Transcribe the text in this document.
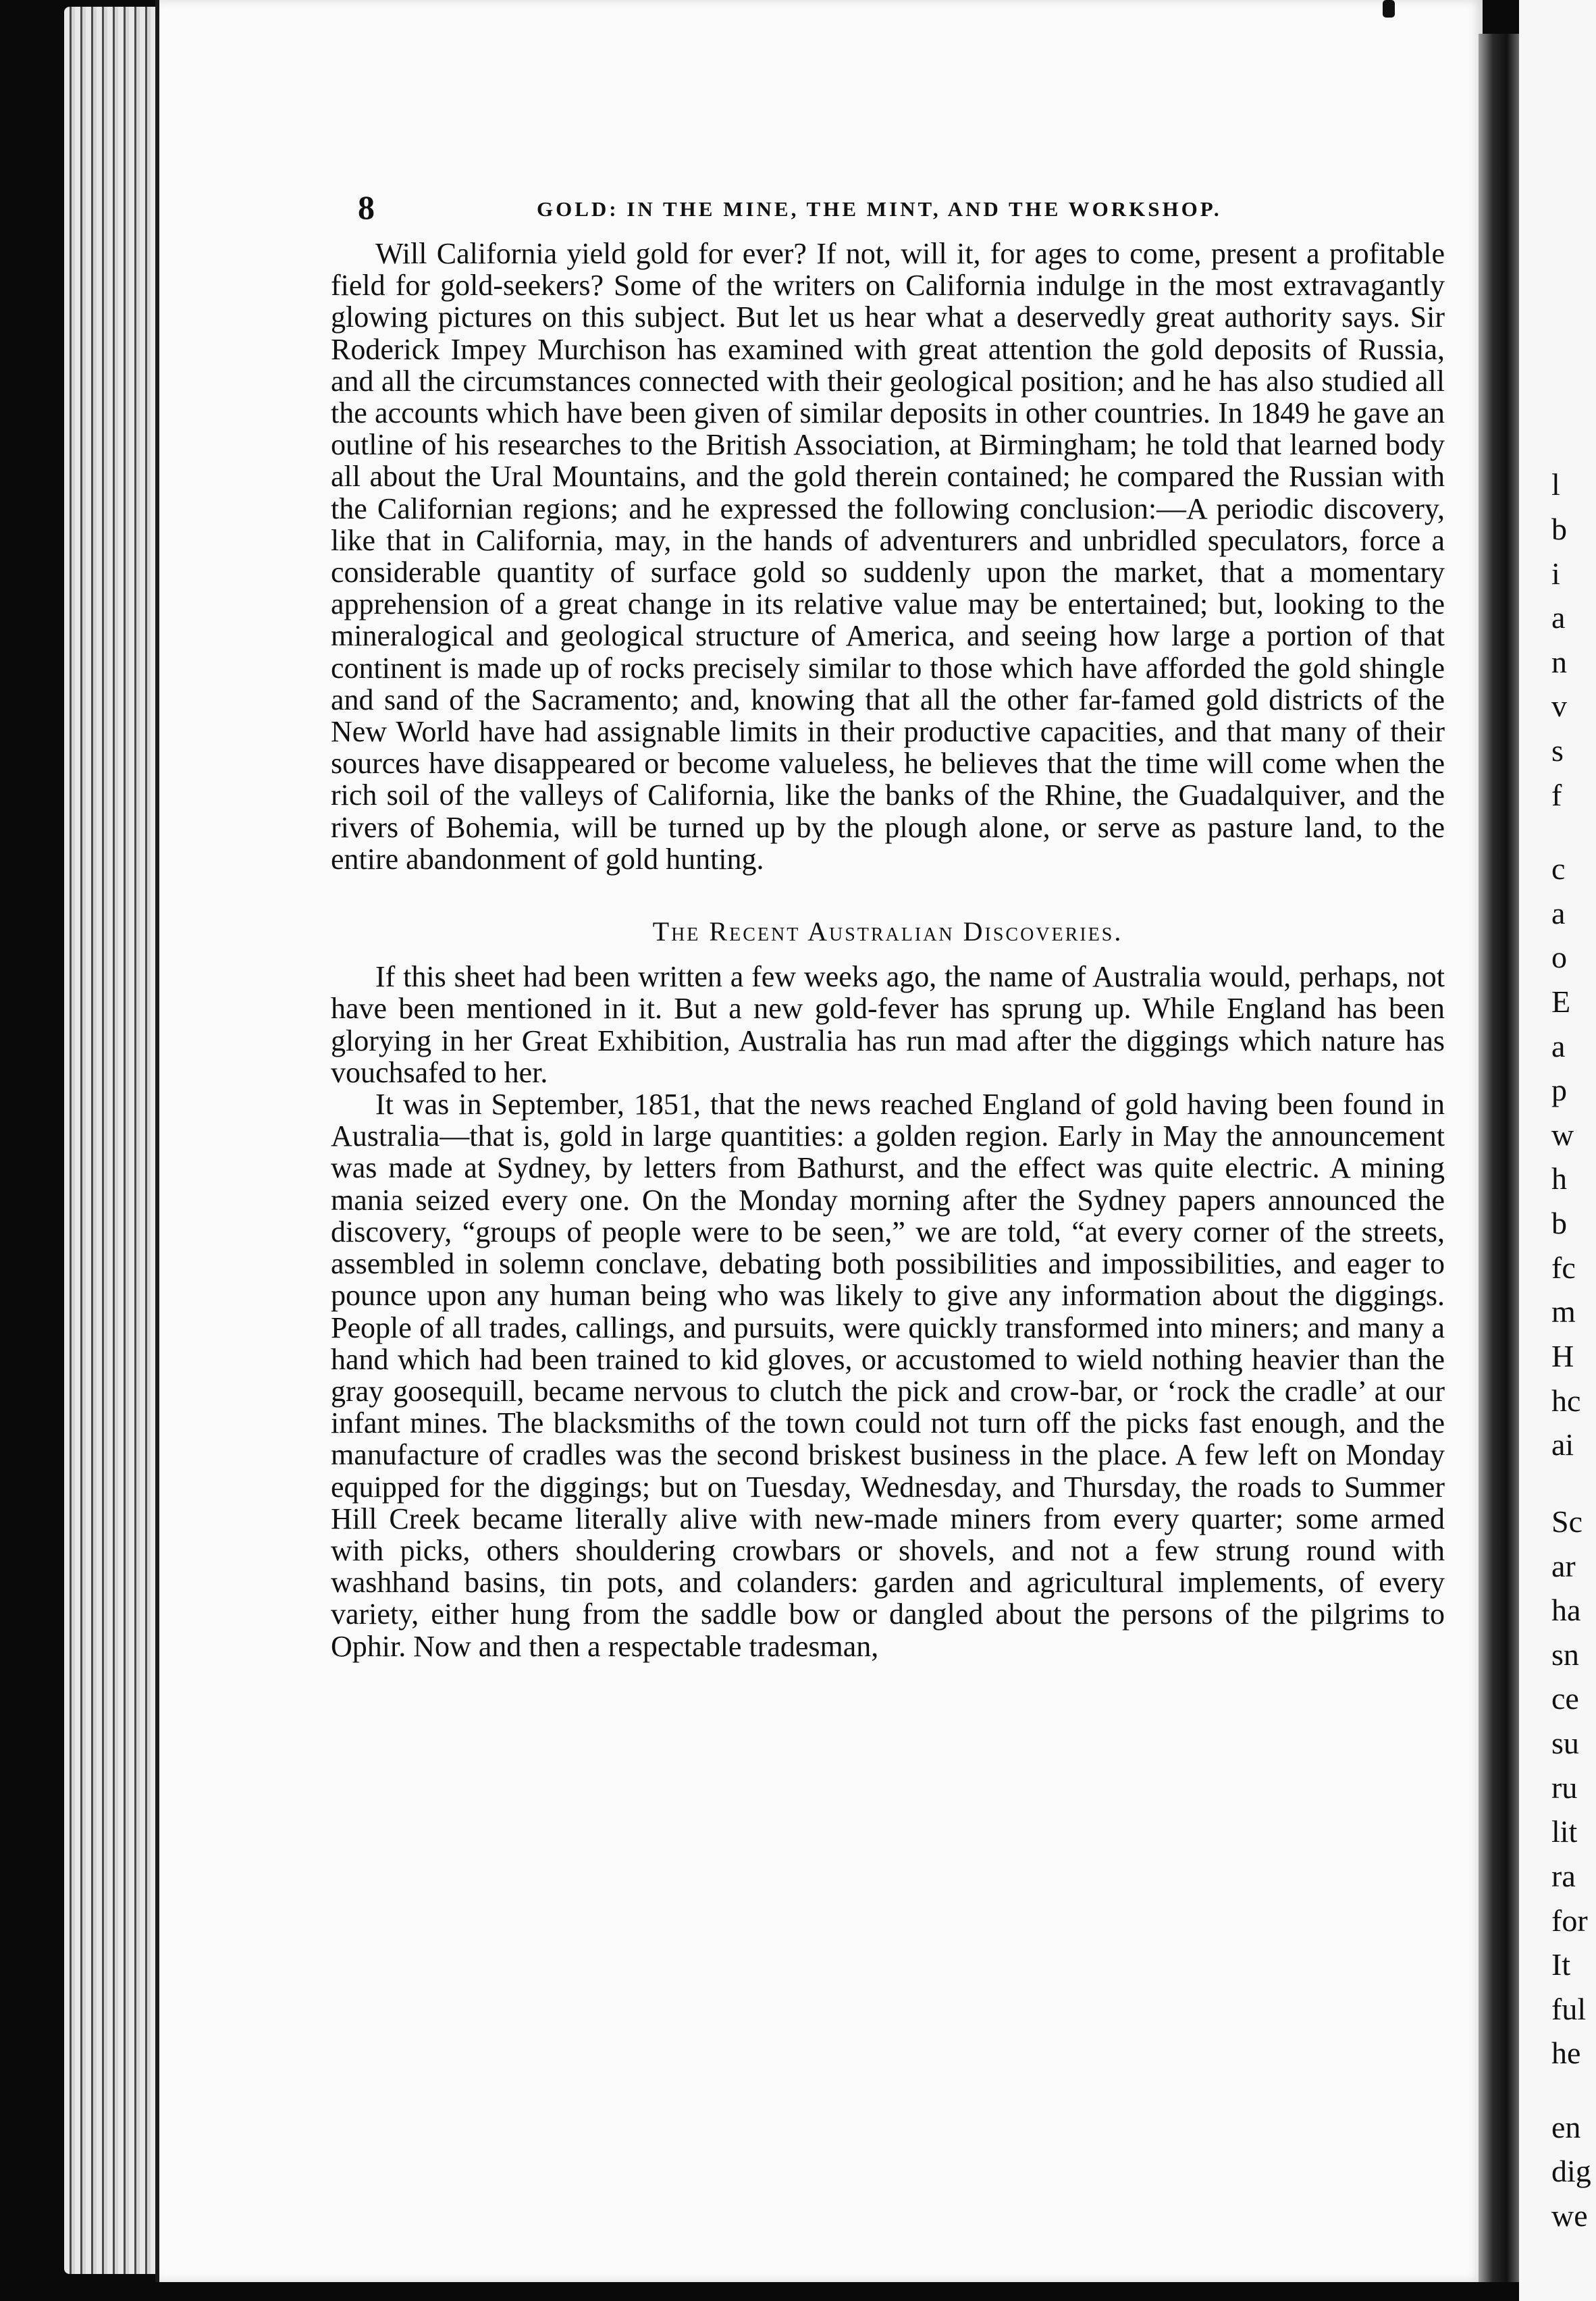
l
b
i
a
n
v
s
f
c
a
o
E
a
p
w
h
b
fc
m
H
hc
ai
Sc
ar
ha
sn
ce
su
ru
lit
ra
for
It
ful
he
en
dig
we
8	GOLD: IN THE MINE, THE MINT, AND THE WORKSHOP.

Will California yield gold for ever? If not, will it, for ages to come, present a profitable field for gold-seekers? Some of the writers on California indulge in the most extravagantly glowing pictures on this subject. But let us hear what a deservedly great authority says. Sir Roderick Impey Murchison has examined with great attention the gold deposits of Russia, and all the circumstances connected with their geological position; and he has also studied all the accounts which have been given of similar deposits in other countries. In 1849 he gave an outline of his researches to the British Association, at Birmingham; he told that learned body all about the Ural Mountains, and the gold therein contained; he compared the Russian with the Californian regions; and he expressed the following conclusion:—A periodic discovery, like that in California, may, in the hands of adventurers and unbridled speculators, force a considerable quantity of surface gold so suddenly upon the market, that a momentary apprehension of a great change in its relative value may be entertained; but, looking to the mineralogical and geological structure of America, and seeing how large a portion of that continent is made up of rocks precisely similar to those which have afforded the gold shingle and sand of the Sacramento; and, knowing that all the other far-famed gold districts of the New World have had assignable limits in their productive capacities, and that many of their sources have disappeared or become valueless, he believes that the time will come when the rich soil of the valleys of California, like the banks of the Rhine, the Guadalquiver, and the rivers of Bohemia, will be turned up by the plough alone, or serve as pasture land, to the entire abandonment of gold hunting.

The Recent Australian Discoveries.

If this sheet had been written a few weeks ago, the name of Australia would, perhaps, not have been mentioned in it. But a new gold-fever has sprung up. While England has been glorying in her Great Exhibition, Australia has run mad after the diggings which nature has vouchsafed to her.

It was in September, 1851, that the news reached England of gold having been found in Australia—that is, gold in large quantities: a golden region. Early in May the announcement was made at Sydney, by letters from Bathurst, and the effect was quite electric. A mining mania seized every one. On the Monday morning after the Sydney papers announced the discovery, “groups of people were to be seen,” we are told, “at every corner of the streets, assembled in solemn conclave, debating both possibilities and impossibilities, and eager to pounce upon any human being who was likely to give any information about the diggings. People of all trades, callings, and pursuits, were quickly transformed into miners; and many a hand which had been trained to kid gloves, or accustomed to wield nothing heavier than the gray goosequill, became nervous to clutch the pick and crow-bar, or ‘rock the cradle’ at our infant mines. The blacksmiths of the town could not turn off the picks fast enough, and the manufacture of cradles was the second briskest business in the place. A few left on Monday equipped for the diggings; but on Tuesday, Wednesday, and Thursday, the roads to Summer Hill Creek became literally alive with new-made miners from every quarter; some armed with picks, others shouldering crowbars or shovels, and not a few strung round with washhand basins, tin pots, and colanders: garden and agricultural implements, of every variety, either hung from the saddle bow or dangled about the persons of the pilgrims to Ophir. Now and then a respectable tradesman,
